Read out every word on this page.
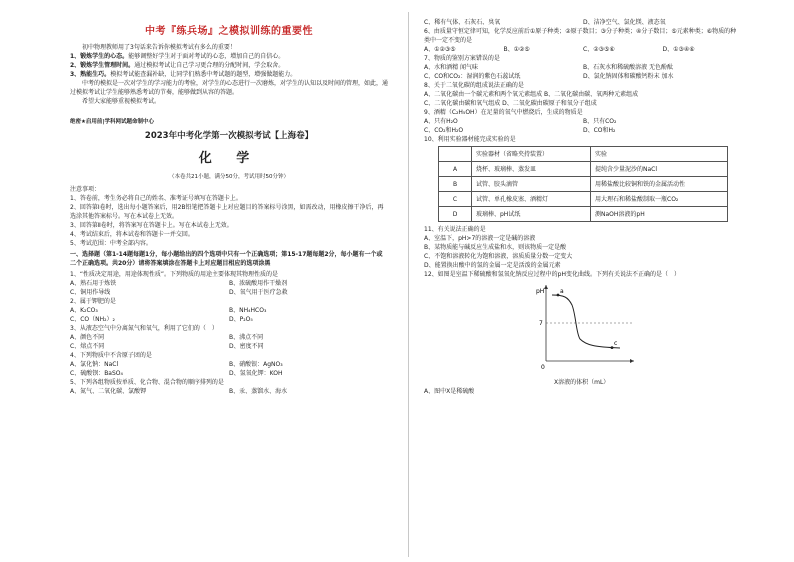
中考『练兵场』之模拟训练的重要性

初中物理教师用了3句话来告诉你模拟考试有多么的重要！

1、锻炼学生的心态。能够调整好学生对于面对考试的心态，增加自己的自信心。
2、锻炼学生管理时间。通过模拟考试让自己学习更合理的分配时间，学会取舍。
3、熟能生巧。模拟考试能查漏补缺，让同学们熟悉中考试题的题型，增强做题能力。

中考的模拟是一次对学生的学习能力的考验，对学生的心态进行一次磨炼，对学生的认知以及时间的管理，如此，通过模拟考试让学生能够熟悉考试的节奏，能够做到从容的答题。

希望大家能够重视模拟考试。

绝密★启用前|学科网试题命制中心
2023年中考化学第一次模拟考试【上海卷】
化 学
（本卷共21小题，满分50分，考试用时50分钟）

注意事项：

1、答卷前，考生务必将自己的姓名、准考证号填写在答题卡上。

2、回答第Ⅰ卷时，选出每小题答案后，用2B铅笔把答题卡上对应题目的答案标号涂黑，如需改动，用橡皮擦干净后，再选涂其他答案标号。写在本试卷上无效。

3、回答第Ⅱ卷时，将答案写在答题卡上。写在本试卷上无效。

4、考试结束后，将本试卷和答题卡一并交回。

5、考试范围：中考全部内容。

一、选择题（第1-14题每题1分，每小题给出的四个选项中只有一个正确选项；第15-17题每题2分，每小题有一个或二个正确选项。共20分）请将答案填涂在答题卡上对应题目相应的选项涂黑

1、“性质决定用途，用途体现性质”。下列物质的用途主要体现其物理性质的是

A、熟石用于炼铁	B、浓硫酸用作干燥剂
C、铜用作导线	D、氧气用于医疗急救

2、属于钾肥的是

A、K₂CO₃	B、NH₄HCO₃
C、CO（NH₂）₂	D、P₂O₅

3、从液态空气中分离氮气和氧气，利用了它们的（　）

A、颜色不同	B、沸点不同
C、熔点不同	D、密度不同

4、下列物质中不含原子团的是

A、氯化钠：NaCl	B、硝酸银：AgNO₃
C、硫酸钡：BaSO₄	D、氢氧化钾：KOH

5、下列各组物质按单质、化合物、混合物的顺序排列的是

A、氮气、二氧化碳、氯酸钾	B、汞、蒸馏水、海水
C、稀有气体、石灰石、臭氧	D、洁净空气、氯化镁、液态氧

6、由质量守恒定律可知，化学反应前后①原子种类；②原子数目；③分子种类；④分子数目；⑤元素种类；⑥物质的种类中一定不变的是

A、①②③⑤	B、①②⑤	C、②③⑤⑥	D、①③④⑥

7、物质的鉴别方案错误的是

A、水和酒精 闻气味	B、石灰水和稀硫酸溶液 无色酚酞
C、CO和CO₂：湿润的紫色石蕊试纸	D、氯化钠固体和碳酸钙粉末 加水

8、关于二氧化碳的组成说法正确的是

A、二氧化碳由一个碳元素和两个氧元素组成 B、二氧化碳由碳、氧两种元素组成

C、二氧化碳由碳和氧气组成 D、二氧化碳由碳原子和氧分子组成

9、酒精（C₂H₅OH）在足量的氧气中燃烧后，生成的物质是

A、只有H₂O	B、只有CO₂
C、CO₂和H₂O	D、CO和H₂

10、利用实验器材能完成实验的是

	实验器材（省略夹持装置）	实验
A	烧杯、玻璃棒、蒸发皿	提纯含少量泥沙的NaCl
B	试管、胶头滴管	用稀盐酸比较铜和铁的金属活动性
C	试管、单孔橡皮塞、酒精灯	用大理石和稀盐酸制取一瓶CO₂
D	玻璃棒、pH试纸	测NaOH溶液的pH

11、有关说法正确的是

A、室温下，pH>7的溶液一定是碱的溶液

B、某物质能与碱反应生成盐和水，则该物质一定是酸

C、不饱和溶液转化为饱和溶液，溶质质量分数一定变大

D、能置换出酸中的氢的金属一定是活泼的金属元素

12、如图是室温下稀硫酸和氢氧化钠反应过程中的pH变化曲线。下列有关说法不正确的是（　）

pH
7
0
a
c

X溶液的体积（mL）

A、图中X是稀硫酸
